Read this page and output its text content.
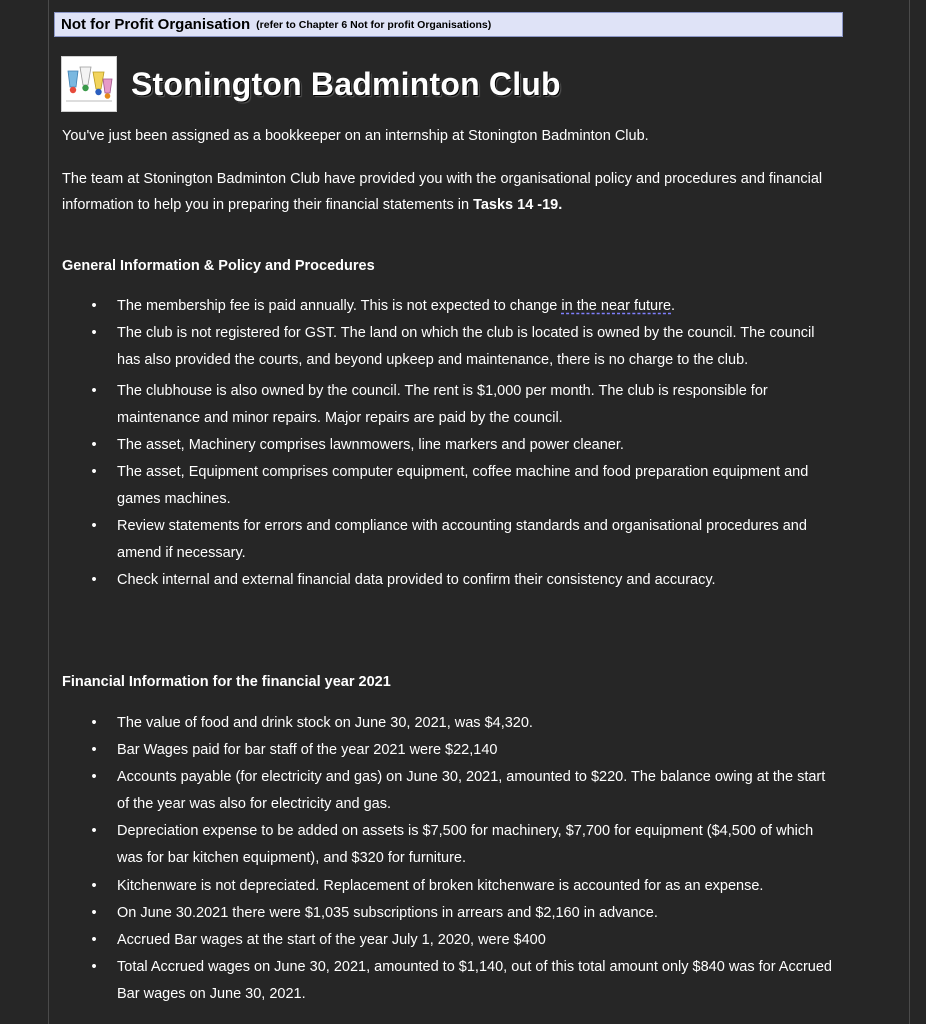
Not for Profit Organisation (refer to Chapter 6 Not for profit Organisations)
Stonington Badminton Club
You've just been assigned as a bookkeeper on an internship at Stonington Badminton Club.
The team at Stonington Badminton Club have provided you with the organisational policy and procedures and financial information to help you in preparing their financial statements in Tasks 14 -19.
General Information & Policy and Procedures
• The membership fee is paid annually. This is not expected to change in the near future.
• The club is not registered for GST. The land on which the club is located is owned by the council. The council has also provided the courts, and beyond upkeep and maintenance, there is no charge to the club.
• The clubhouse is also owned by the council. The rent is $1,000 per month. The club is responsible for maintenance and minor repairs. Major repairs are paid by the council.
• The asset, Machinery comprises lawnmowers, line markers and power cleaner.
• The asset, Equipment comprises computer equipment, coffee machine and food preparation equipment and games machines.
• Review statements for errors and compliance with accounting standards and organisational procedures and amend if necessary.
• Check internal and external financial data provided to confirm their consistency and accuracy.
Financial Information for the financial year 2021
• The value of food and drink stock on June 30, 2021, was $4,320.
• Bar Wages paid for bar staff of the year 2021 were $22,140
• Accounts payable (for electricity and gas) on June 30, 2021, amounted to $220. The balance owing at the start of the year was also for electricity and gas.
• Depreciation expense to be added on assets is $7,500 for machinery, $7,700 for equipment ($4,500 of which was for bar kitchen equipment), and $320 for furniture.
• Kitchenware is not depreciated. Replacement of broken kitchenware is accounted for as an expense.
• On June 30.2021 there were $1,035 subscriptions in arrears and $2,160 in advance.
• Accrued Bar wages at the start of the year July 1, 2020, were $400
• Total Accrued wages on June 30, 2021, amounted to $1,140, out of this total amount only $840 was for Accrued Bar wages on June 30, 2021.
